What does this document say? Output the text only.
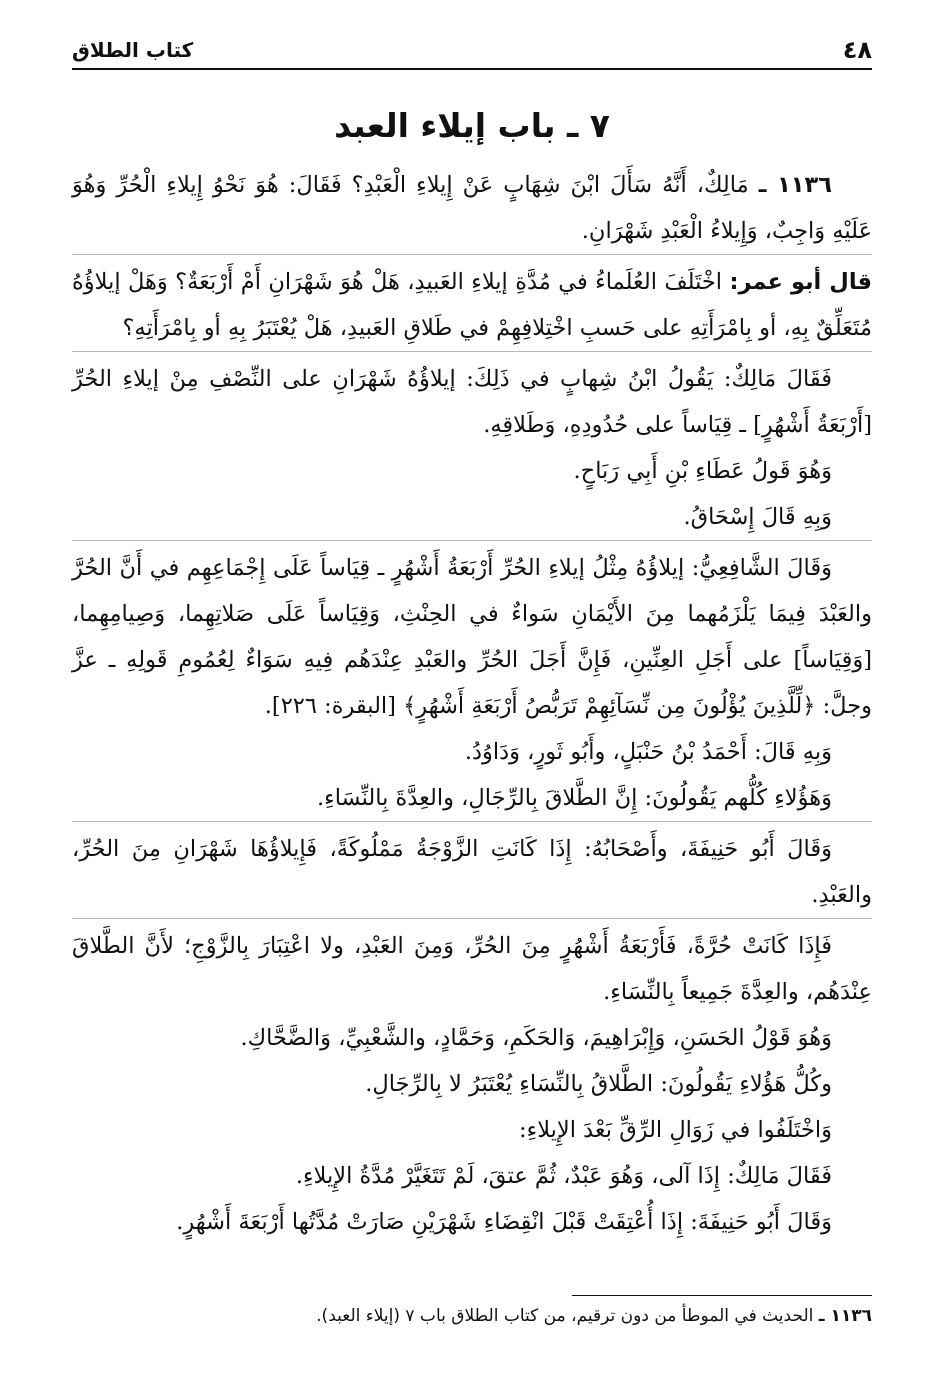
٤٨
كتاب الطلاق
٧ ـ باب إيلاء العبد

١١٣٦ ـ مَالِكٌ، أَنَّهُ سَأَلَ ابْنَ شِهَابٍ عَنْ إِيلاءِ الْعَبْدِ؟ فَقَالَ: هُوَ نَحْوُ إِيلاءِ الْحُرِّ وَهُوَ عَلَيْهِ وَاجِبٌ، وَإِيلاءُ الْعَبْدِ شَهْرَانِ.

قال أبو عمر: اخْتَلَفَ العُلَماءُ في مُدَّةِ إيلاءِ العَبيدِ، هَلْ هُوَ شَهْرَانِ أَمْ أَرْبَعَةٌ؟ وَهَلْ إيلاؤُهُ مُتَعَلِّقٌ بِهِ، أو بِامْرَأَتِهِ على حَسبِ اخْتِلافِهِمْ في طَلاقِ العَبيدِ، هَلْ يُعْتَبَرُ بِهِ أو بِامْرَأَتِهِ؟

فَقَالَ مَالِكٌ: يَقُولُ ابْنُ شِهابٍ في ذَلِكَ: إيلاؤُهُ شَهْرَانِ على النِّصْفِ مِنْ إيلاءِ الحُرِّ [أَرْبَعَةُ أَشْهُرٍ] ـ قِيَاساً على حُدُودِهِ، وَطَلاقِهِ.

وَهُوَ قَولُ عَطَاءِ بْنِ أَبِي رَبَاحٍ.

وَبِهِ قَالَ إِسْحَاقُ.

وَقَالَ الشَّافِعِيُّ: إيلاؤُهُ مِثْلُ إيلاءِ الحُرِّ أَرْبَعَةُ أَشْهُرٍ ـ قِيَاساً عَلَى إِجْمَاعِهِم في أَنَّ الحُرَّ والعَبْدَ فِيمَا يَلْزَمُهما مِنَ الأَيْمَانِ سَواءٌ في الحِنْثِ، وَقِيَاساً عَلَى صَلاتِهِما، وَصِيامِهِما، [وَقِيَاساً] على أَجَلِ العِنِّينِ، فَإِنَّ أَجَلَ الحُرِّ والعَبْدِ عِنْدَهُم فِيهِ سَوَاءٌ لِعُمُومِ قَولِهِ ـ عزَّ وجلَّ: ﴿لِّلَّذِينَ يُؤْلُونَ مِن نِّسَآئِهِمْ تَرَبُّصُ أَرْبَعَةِ أَشْهُرٍ﴾ [البقرة: ٢٢٦].

وَبِهِ قَالَ: أَحْمَدُ بْنُ حَنْبَلٍ، وأَبُو ثَورٍ، وَدَاوُدُ.

وَهَؤُلاءِ كُلُّهم يَقُولُونَ: إِنَّ الطَّلاقَ بِالرِّجَالِ، والعِدَّةَ بِالنِّسَاءِ.

وَقَالَ أَبُو حَنِيفَةَ، وأَصْحَابُهُ: إِذَا كَانَتِ الزَّوْجَةُ مَمْلُوكَةً، فَإِيلاؤُهَا شَهْرَانِ مِنَ الحُرِّ، والعَبْدِ.

فَإِذَا كَانَتْ حُرَّةً، فَأَرْبَعَةُ أَشْهُرٍ مِنَ الحُرِّ، وَمِنَ العَبْدِ، ولا اعْتِبَارَ بِالزَّوْجِ؛ لأَنَّ الطَّلاقَ عِنْدَهُم، والعِدَّةَ جَمِيعاً بِالنِّسَاءِ.

وَهُوَ قَوْلُ الحَسَنِ، وَإِبْرَاهِيمَ، وَالحَكَمِ، وَحَمَّادٍ، والشَّعْبِيِّ، وَالضَّحَّاكِ.

وكُلُّ هَؤُلاءِ يَقُولُونَ: الطَّلاقُ بِالنِّسَاءِ يُعْتَبَرُ لا بِالرِّجَالِ.

وَاخْتَلَفُوا في زَوَالِ الرِّقِّ بَعْدَ الإِيلاءِ:

فَقَالَ مَالِكٌ: إِذَا آلى، وَهُوَ عَبْدٌ، ثُمَّ عتقَ، لَمْ تَتَغَيَّرْ مُدَّةُ الإِيلاءِ.

وَقَالَ أَبُو حَنِيفَةَ: إِذَا أُعْتِقَتْ قَبْلَ انْقِضَاءِ شَهْرَيْنِ صَارَتْ مُدَّتُها أَرْبَعَةَ أَشْهُرٍ.

١١٣٦ ـ الحديث في الموطأ من دون ترقيم، من كتاب الطلاق باب ٧ (إيلاء العبد).
